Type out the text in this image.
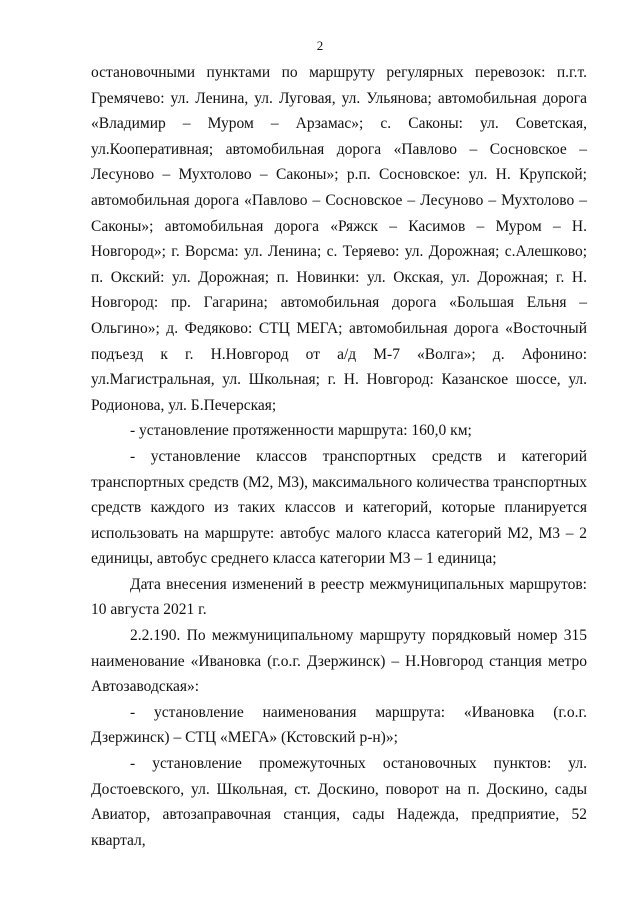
2

остановочными пунктами по маршруту регулярных перевозок: п.г.т. Гремячево: ул. Ленина, ул. Луговая, ул. Ульянова; автомобильная дорога «Владимир – Муром – Арзамас»; с. Саконы: ул. Советская, ул.Кооперативная; автомобильная дорога «Павлово – Сосновское – Лесуново – Мухтолово – Саконы»; р.п. Сосновское: ул. Н. Крупской; автомобильная дорога «Павлово – Сосновское – Лесуново – Мухтолово – Саконы»; автомобильная дорога «Ряжск – Касимов – Муром – Н. Новгород»; г. Ворсма: ул. Ленина; с. Теряево: ул. Дорожная; с.Алешково; п. Окский: ул. Дорожная; п. Новинки: ул. Окская, ул. Дорожная; г. Н. Новгород: пр. Гагарина; автомобильная дорога «Большая Ельня – Ольгино»; д. Федяково: СТЦ МЕГА; автомобильная дорога «Восточный подъезд к г. Н.Новгород от а/д М-7 «Волга»; д. Афонино: ул.Магистральная, ул. Школьная; г. Н. Новгород: Казанское шоссе, ул. Родионова, ул. Б.Печерская;

- установление протяженности маршрута: 160,0 км;

- установление классов транспортных средств и категорий транспортных средств (М2, М3), максимального количества транспортных средств каждого из таких классов и категорий, которые планируется использовать на маршруте: автобус малого класса категорий М2, М3 – 2 единицы, автобус среднего класса категории М3 – 1 единица;

Дата внесения изменений в реестр межмуниципальных маршрутов: 10 августа 2021 г.

2.2.190. По межмуниципальному маршруту порядковый номер 315 наименование «Ивановка (г.о.г. Дзержинск) – Н.Новгород станция метро Автозаводская»:

- установление наименования маршрута: «Ивановка (г.о.г. Дзержинск) – СТЦ «МЕГА» (Кстовский р-н)»;

- установление промежуточных остановочных пунктов: ул. Достоевского, ул. Школьная, ст. Доскино, поворот на п. Доскино, сады Авиатор, автозаправочная станция, сады Надежда, предприятие, 52 квартал,
